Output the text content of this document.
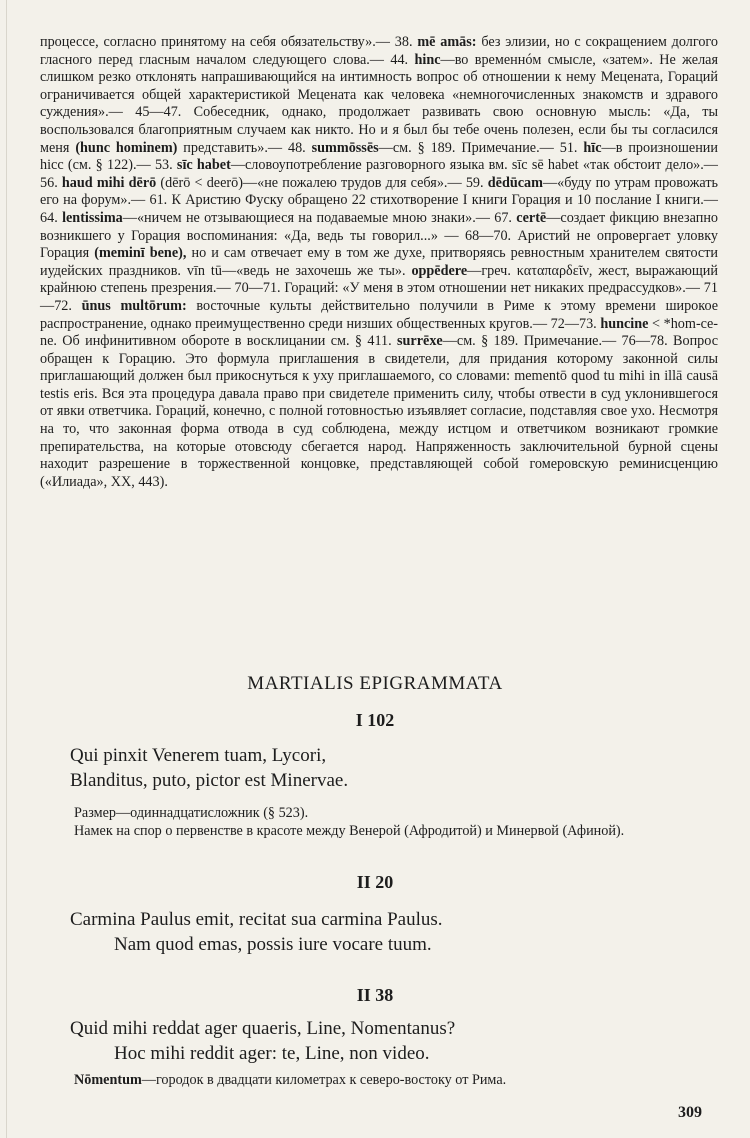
процессе, согласно принятому на себя обязательству».— 38. mē amās: без элизии, но с сокращением долгого гласного перед гласным началом следующего слова.— 44. hinc—во временнóм смысле, «затем». Не желая слишком резко отклонять напрашивающийся на интимность вопрос об отношении к нему Мецената, Гораций ограничивается общей характеристикой Мецената как человека «немногочисленных знакомств и здравого суждения».— 45—47. Собеседник, однако, продолжает развивать свою основную мысль: «Да, ты воспользовался благоприятным случаем как никто. Но и я был бы тебе очень полезен, если бы ты согласился меня (hunc hominem) представить».— 48. summōssēs—см. § 189. Примечание.— 51. hīc—в произношении hicc (см. § 122).— 53. sīc habet—словоупотребление разговорного языка вм. sīc sē habet «так обстоит дело».— 56. haud mihi dērō (dērō < deerō)—«не пожалею трудов для себя».— 59. dēdūcam—«буду по утрам провожать его на форум».— 61. К Аристию Фуску обращено 22 стихотворение I книги Горация и 10 послание I книги.— 64. lentissima—«ничем не отзывающиеся на подаваемые мною знаки».— 67. certē—создает фикцию внезапно возникшего у Горация воспоминания: «Да, ведь ты говорил...» — 68—70. Аристий не опровергает уловку Горация (meminī bene), но и сам отвечает ему в том же духе, притворяясь ревностным хранителем святости иудейских праздников. vīn tū—«ведь не захочешь же ты». oppēdere—греч. καταπαρδεῖν, жест, выражающий крайнюю степень презрения.— 70—71. Гораций: «У меня в этом отношении нет никаких предрассудков».— 71—72. ūnus multōrum: восточные культы действительно получили в Риме к этому времени широкое распространение, однако преимущественно среди низших общественных кругов.— 72—73. huncine < *hom-ce-ne. Об инфинитивном обороте в восклицании см. § 411. surrēxe—см. § 189. Примечание.— 76—78. Вопрос обращен к Горацию. Это формула приглашения в свидетели, для придания которому законной силы приглашающий должен был прикоснуться к уху приглашаемого, со словами: mementō quod tu mihi in illā causā testis eris. Вся эта процедура давала право при свидетеле применить силу, чтобы отвести в суд уклонившегося от явки ответчика. Гораций, конечно, с полной готовностью изъявляет согласие, подставляя свое ухо. Несмотря на то, что законная форма отвода в суд соблюдена, между истцом и ответчиком возникают громкие препирательства, на которые отовсюду сбегается народ. Напряженность заключительной бурной сцены находит разрешение в торжественной концовке, представляющей собой гомеровскую реминисценцию («Илиада», XX, 443).

MARTIALIS EPIGRAMMATA
I 102

Qui pinxit Venerem tuam, Lycori,
Blanditus, puto, pictor est Minervae.

Размер—одиннадцатисложник (§ 523).

Намек на спор о первенстве в красоте между Венерой (Афродитой) и Минервой (Афиной).

II 20

Carmina Paulus emit, recitat sua carmina Paulus.
Nam quod emas, possis iure vocare tuum.

II 38

Quid mihi reddat ager quaeris, Line, Nomentanus?
Hoc mihi reddit ager: te, Line, non video.

Nōmentum—городок в двадцати километрах к северо-востоку от Рима.

309
